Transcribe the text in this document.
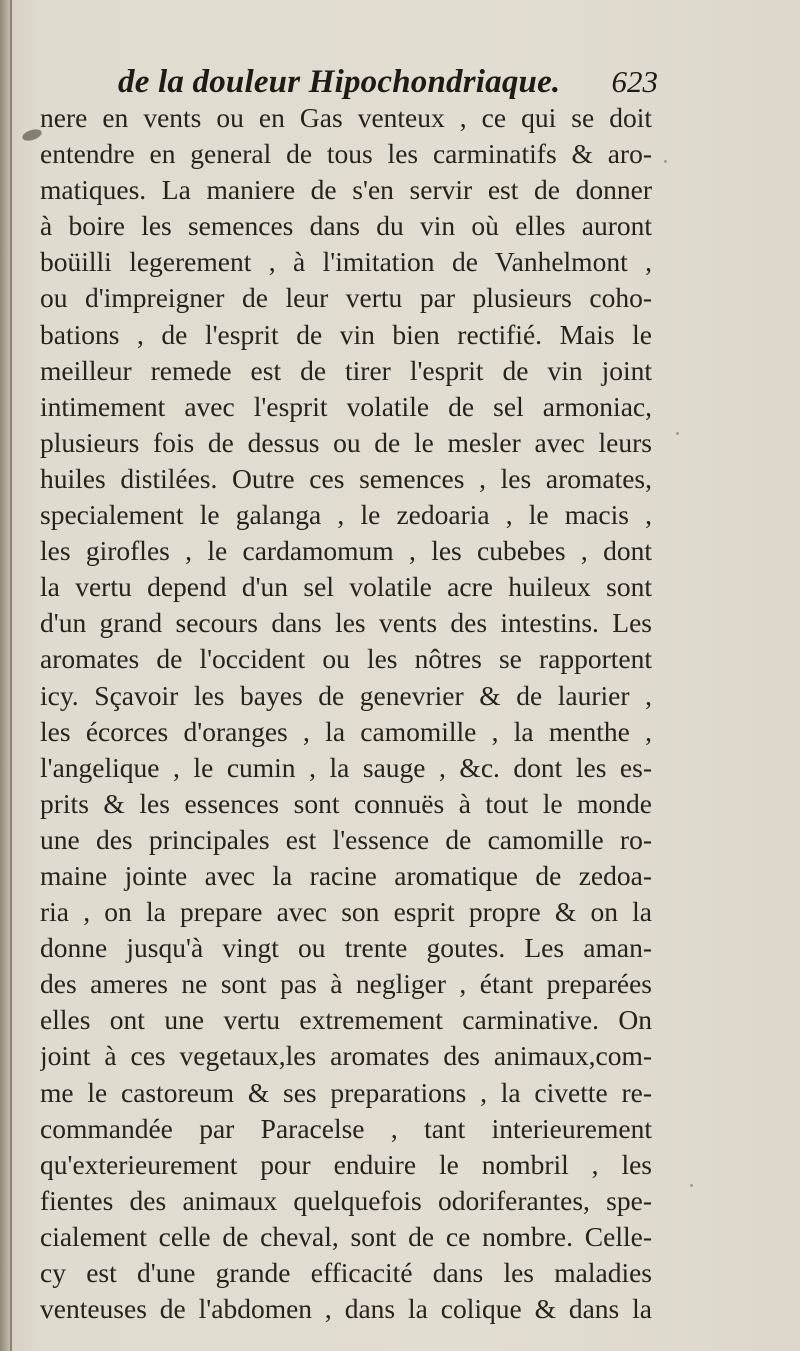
de la douleur Hipochondriaque. 623
nere en vents ou en Gas venteux , ce qui se doit
entendre en general de tous les carminatifs & aro-
matiques. La maniere de s'en servir est de donner
à boire les semences dans du vin où elles auront
boüilli legerement , à l'imitation de Vanhelmont ,
ou d'impreigner de leur vertu par plusieurs coho-
bations , de l'esprit de vin bien rectifié. Mais le
meilleur remede est de tirer l'esprit de vin joint
intimement avec l'esprit volatile de sel armoniac,
plusieurs fois de dessus ou de le mesler avec leurs
huiles distilées. Outre ces semences , les aromates,
specialement le galanga , le zedoaria , le macis ,
les girofles , le cardamomum , les cubebes , dont
la vertu depend d'un sel volatile acre huileux sont
d'un grand secours dans les vents des intestins. Les
aromates de l'occident ou les nôtres se rapportent
icy. Sçavoir les bayes de genevrier & de laurier ,
les écorces d'oranges , la camomille , la menthe ,
l'angelique , le cumin , la sauge , &c. dont les es-
prits & les essences sont connuës à tout le monde
une des principales est l'essence de camomille ro-
maine jointe avec la racine aromatique de zedoa-
ria , on la prepare avec son esprit propre & on la
donne jusqu'à vingt ou trente goutes. Les aman-
des ameres ne sont pas à negliger , étant preparées
elles ont une vertu extremement carminative. On
joint à ces vegetaux,les aromates des animaux,com-
me le castoreum & ses preparations , la civette re-
commandée par Paracelse , tant interieurement
qu'exterieurement pour enduire le nombril , les
fientes des animaux quelquefois odoriferantes, spe-
cialement celle de cheval, sont de ce nombre. Celle-
cy est d'une grande efficacité dans les maladies
venteuses de l'abdomen , dans la colique & dans la
